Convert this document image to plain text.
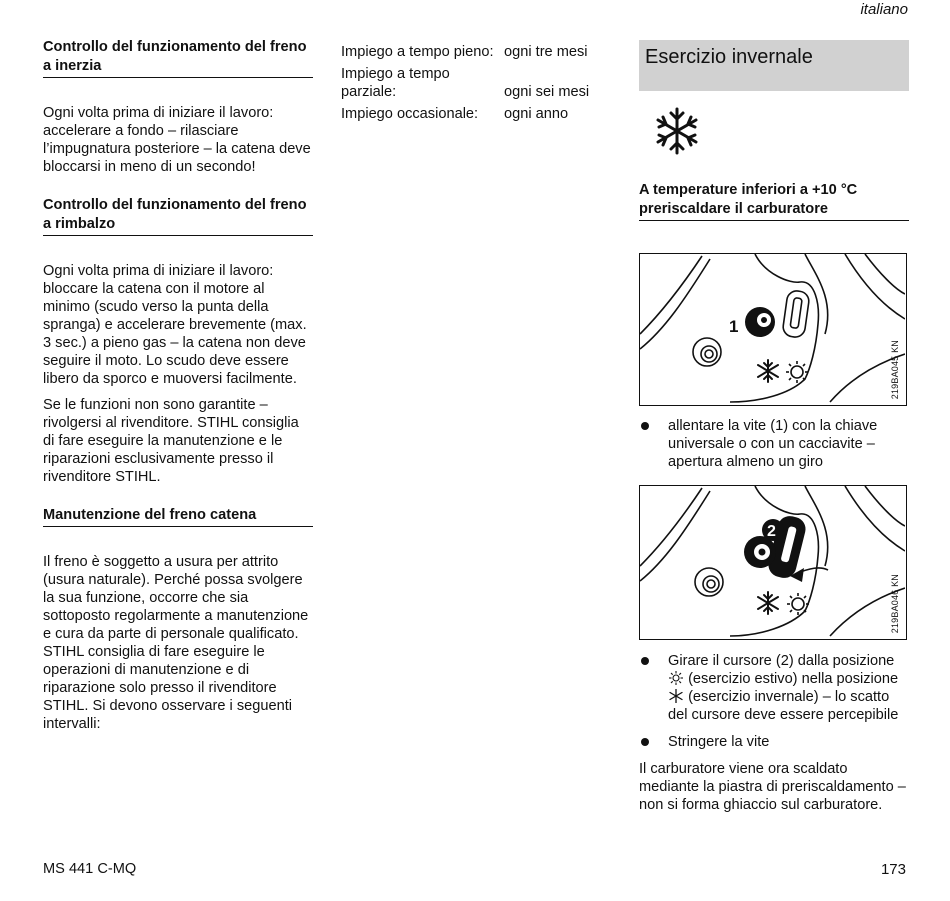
italiano
Controllo del funzionamento del freno a inerzia

Ogni volta prima di iniziare il lavoro: accelerare a fondo – rilasciare l’impugnatura posteriore – la catena deve bloccarsi in meno di un secondo!

Controllo del funzionamento del freno a rimbalzo

Ogni volta prima di iniziare il lavoro: bloccare la catena con il motore al minimo (scudo verso la punta della spranga) e accelerare brevemente (max. 3 sec.) a pieno gas – la catena non deve seguire il moto. Lo scudo deve essere libero da sporco e muoversi facilmente.

Se le funzioni non sono garantite – rivolgersi al rivenditore. STIHL consiglia di fare eseguire la manutenzione e le riparazioni esclusivamente presso il rivenditore STIHL.

Manutenzione del freno catena

Il freno è soggetto a usura per attrito (usura naturale). Perché possa svolgere la sua funzione, occorre che sia sottoposto regolarmente a manutenzione e cura da parte di personale qualificato. STIHL consiglia di fare eseguire le operazioni di manutenzione e di riparazione solo presso il rivenditore STIHL. Si devono osservare i seguenti intervalli:

Impiego a tempo pieno:	ogni tre mesi
Impiego a tempo parziale:	ogni sei mesi
Impiego occasionale:	ogni anno
Esercizio invernale
A temperature inferiori a +10 °C preriscaldare il carburatore
1
219BA045 KN
allentare la vite (1) con la chiave universale o con un cacciavite – apertura almeno un giro
2
219BA046 KN
Girare il cursore (2) dalla posizione  (esercizio estivo) nella posizione  (esercizio invernale) – lo scatto del cursore deve essere percepibile
Stringere la vite

Il carburatore viene ora scaldato mediante la piastra di preriscaldamento – non si forma ghiaccio sul carburatore.

MS 441 C-MQ	173
